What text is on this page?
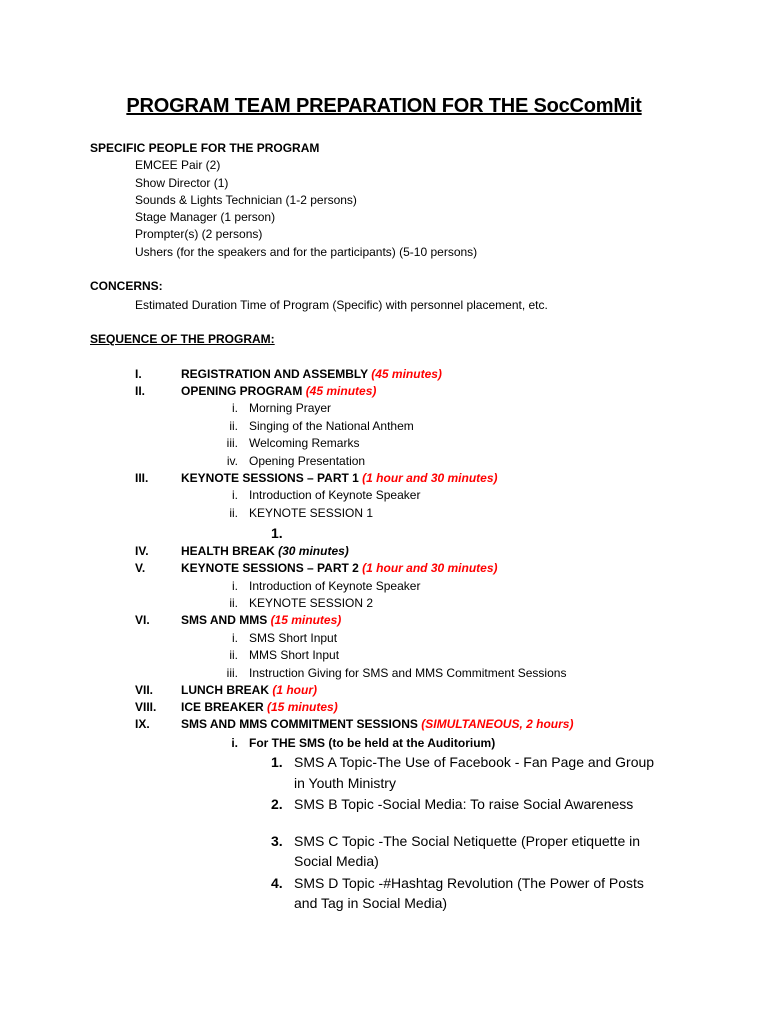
PROGRAM TEAM PREPARATION FOR THE SocComMit
SPECIFIC PEOPLE FOR THE PROGRAM
EMCEE Pair (2)
Show Director (1)
Sounds & Lights Technician (1-2 persons)
Stage Manager (1 person)
Prompter(s) (2 persons)
Ushers (for the speakers and for the participants) (5-10 persons)
CONCERNS:
Estimated Duration Time of Program (Specific) with personnel placement, etc.
SEQUENCE OF THE PROGRAM:
I.	REGISTRATION AND ASSEMBLY (45 minutes)
II.	OPENING PROGRAM (45 minutes)
i. Morning Prayer
ii. Singing of the National Anthem
iii. Welcoming Remarks
iv. Opening Presentation
III.	KEYNOTE SESSIONS – PART 1 (1 hour and 30 minutes)
i. Introduction of Keynote Speaker
ii. KEYNOTE SESSION 1
1.
IV.	HEALTH BREAK (30 minutes)
V.	KEYNOTE SESSIONS – PART 2 (1 hour and 30 minutes)
i. Introduction of Keynote Speaker
ii. KEYNOTE SESSION 2
VI.	SMS AND MMS (15 minutes)
i. SMS Short Input
ii. MMS Short Input
iii. Instruction Giving for SMS and MMS Commitment Sessions
VII. LUNCH BREAK (1 hour)
VIII. ICE BREAKER (15 minutes)
IX.	SMS AND MMS COMMITMENT SESSIONS (SIMULTANEOUS, 2 hours)
i. For THE SMS (to be held at the Auditorium)
1. SMS A Topic-The Use of Facebook - Fan Page and Group
in Youth Ministry
2. SMS B Topic -Social Media: To raise Social Awareness
3. SMS C Topic -The Social Netiquette (Proper etiquette in
Social Media)
4. SMS D Topic -#Hashtag Revolution (The Power of Posts
and Tag in Social Media)
